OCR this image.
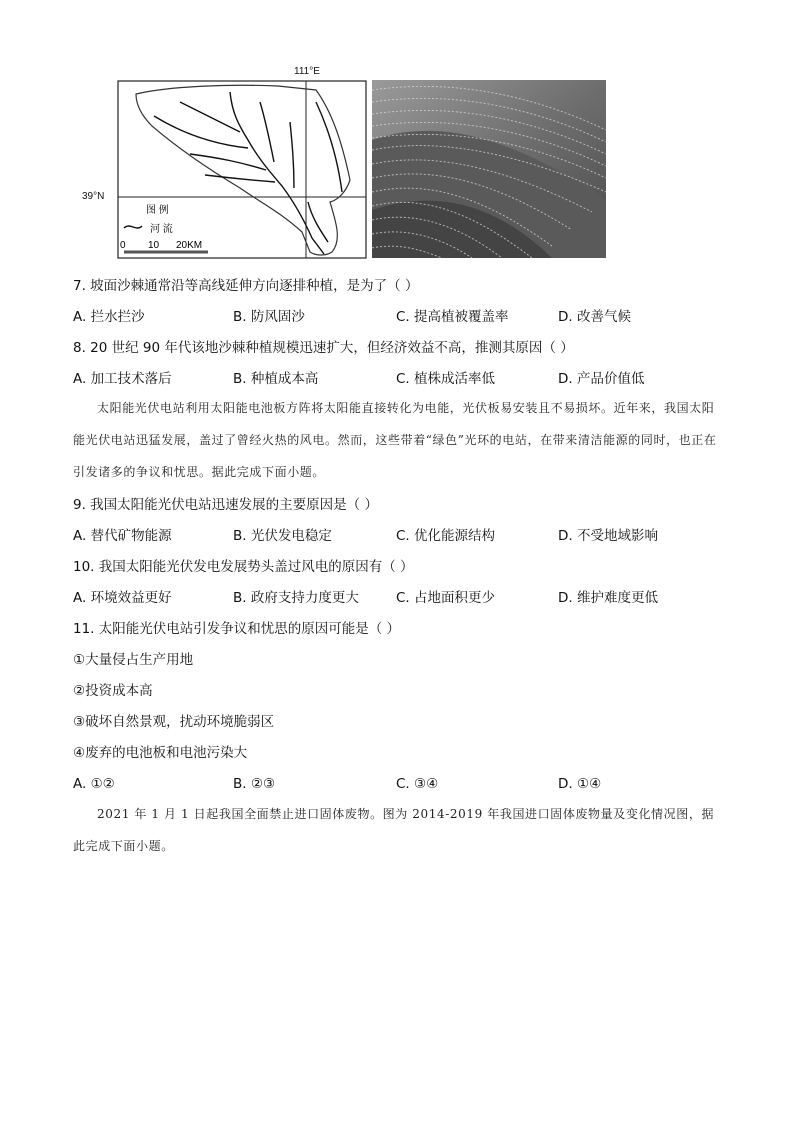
图 例
河 流
0 10 20KM
111°E
39°N
7. 坡面沙棘通常沿等高线延伸方向逐排种植，是为了（ ）
A. 拦水拦沙	B. 防风固沙	C. 提高植被覆盖率	D. 改善气候
8. 20 世纪 90 年代该地沙棘种植规模迅速扩大，但经济效益不高，推测其原因（ ）
A. 加工技术落后	B. 种植成本高	C. 植株成活率低	D. 产品价值低
太阳能光伏电站利用太阳能电池板方阵将太阳能直接转化为电能，光伏板易安装且不易损坏。近年来，我国太阳能光伏电站迅猛发展，盖过了曾经火热的风电。然而，这些带着“绿色”光环的电站，在带来清洁能源的同时，也正在引发诸多的争议和忧思。据此完成下面小题。
9. 我国太阳能光伏电站迅速发展的主要原因是（ ）
A. 替代矿物能源	B. 光伏发电稳定	C. 优化能源结构	D. 不受地域影响
10. 我国太阳能光伏发电发展势头盖过风电的原因有（ ）
A. 环境效益更好	B. 政府支持力度更大	C. 占地面积更少	D. 维护难度更低
11. 太阳能光伏电站引发争议和忧思的原因可能是（ ）
①大量侵占生产用地
②投资成本高
③破坏自然景观，扰动环境脆弱区
④废弃的电池板和电池污染大
A. ①②	B. ②③	C. ③④	D. ①④
2021 年 1 月 1 日起我国全面禁止进口固体废物。图为 2014-2019 年我国进口固体废物量及变化情况图，据此完成下面小题。
